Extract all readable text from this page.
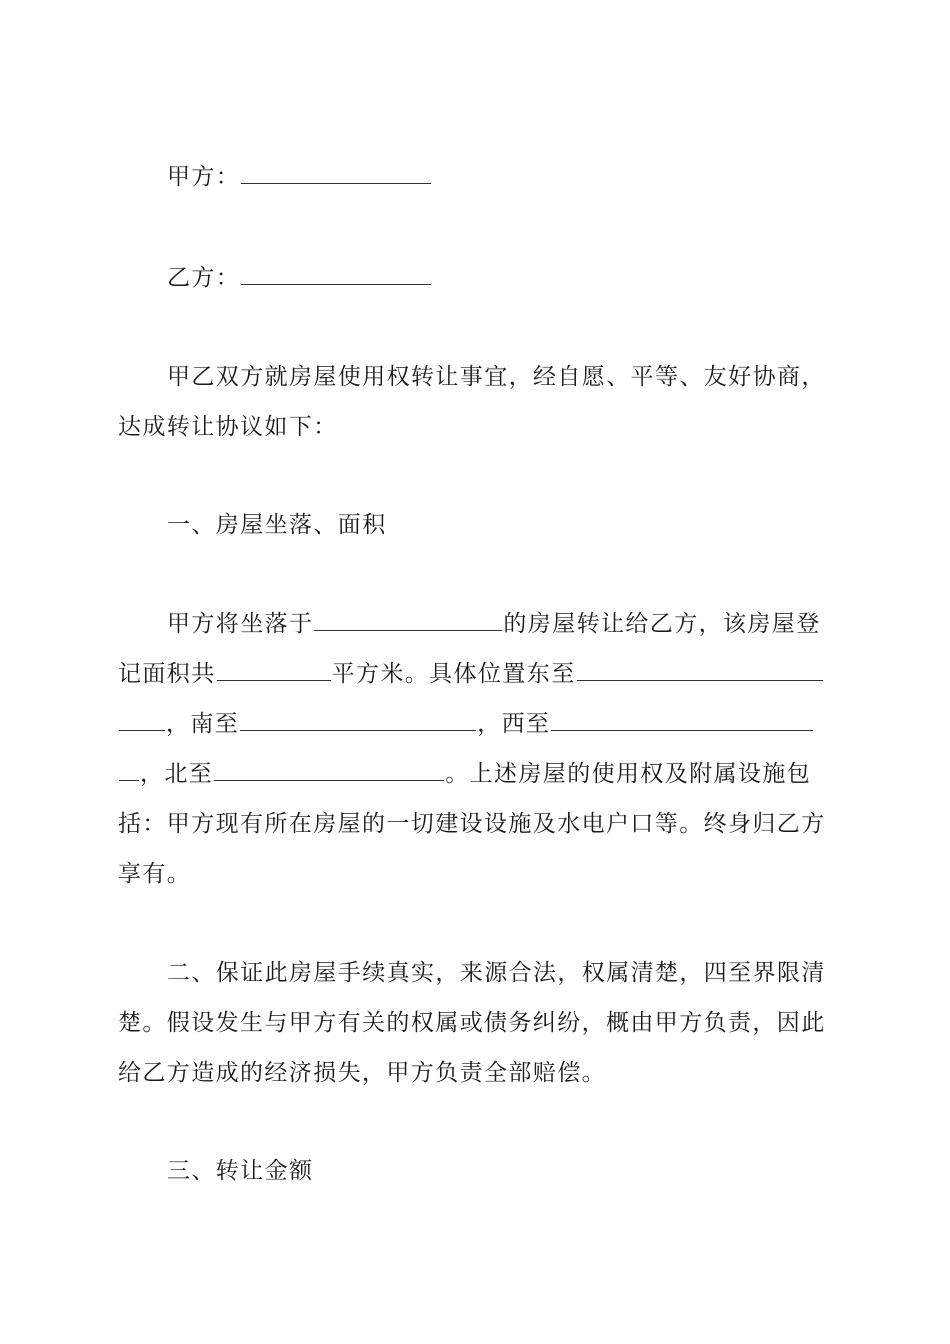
甲方：
乙方：
甲乙双方就房屋使用权转让事宜，经自愿、平等、友好协商，
达成转让协议如下：
一、房屋坐落、面积
甲方将坐落于	的房屋转让给乙方，该房屋登
记面积共	平方米。具体位置东至
，南至	，西至
，北至	。上述房屋的使用权及附属设施包
括：甲方现有所在房屋的一切建设设施及水电户口等。终身归乙方
享有。
二、保证此房屋手续真实，来源合法，权属清楚，四至界限清
楚。假设发生与甲方有关的权属或债务纠纷，概由甲方负责，因此
给乙方造成的经济损失，甲方负责全部赔偿。
三、转让金额
